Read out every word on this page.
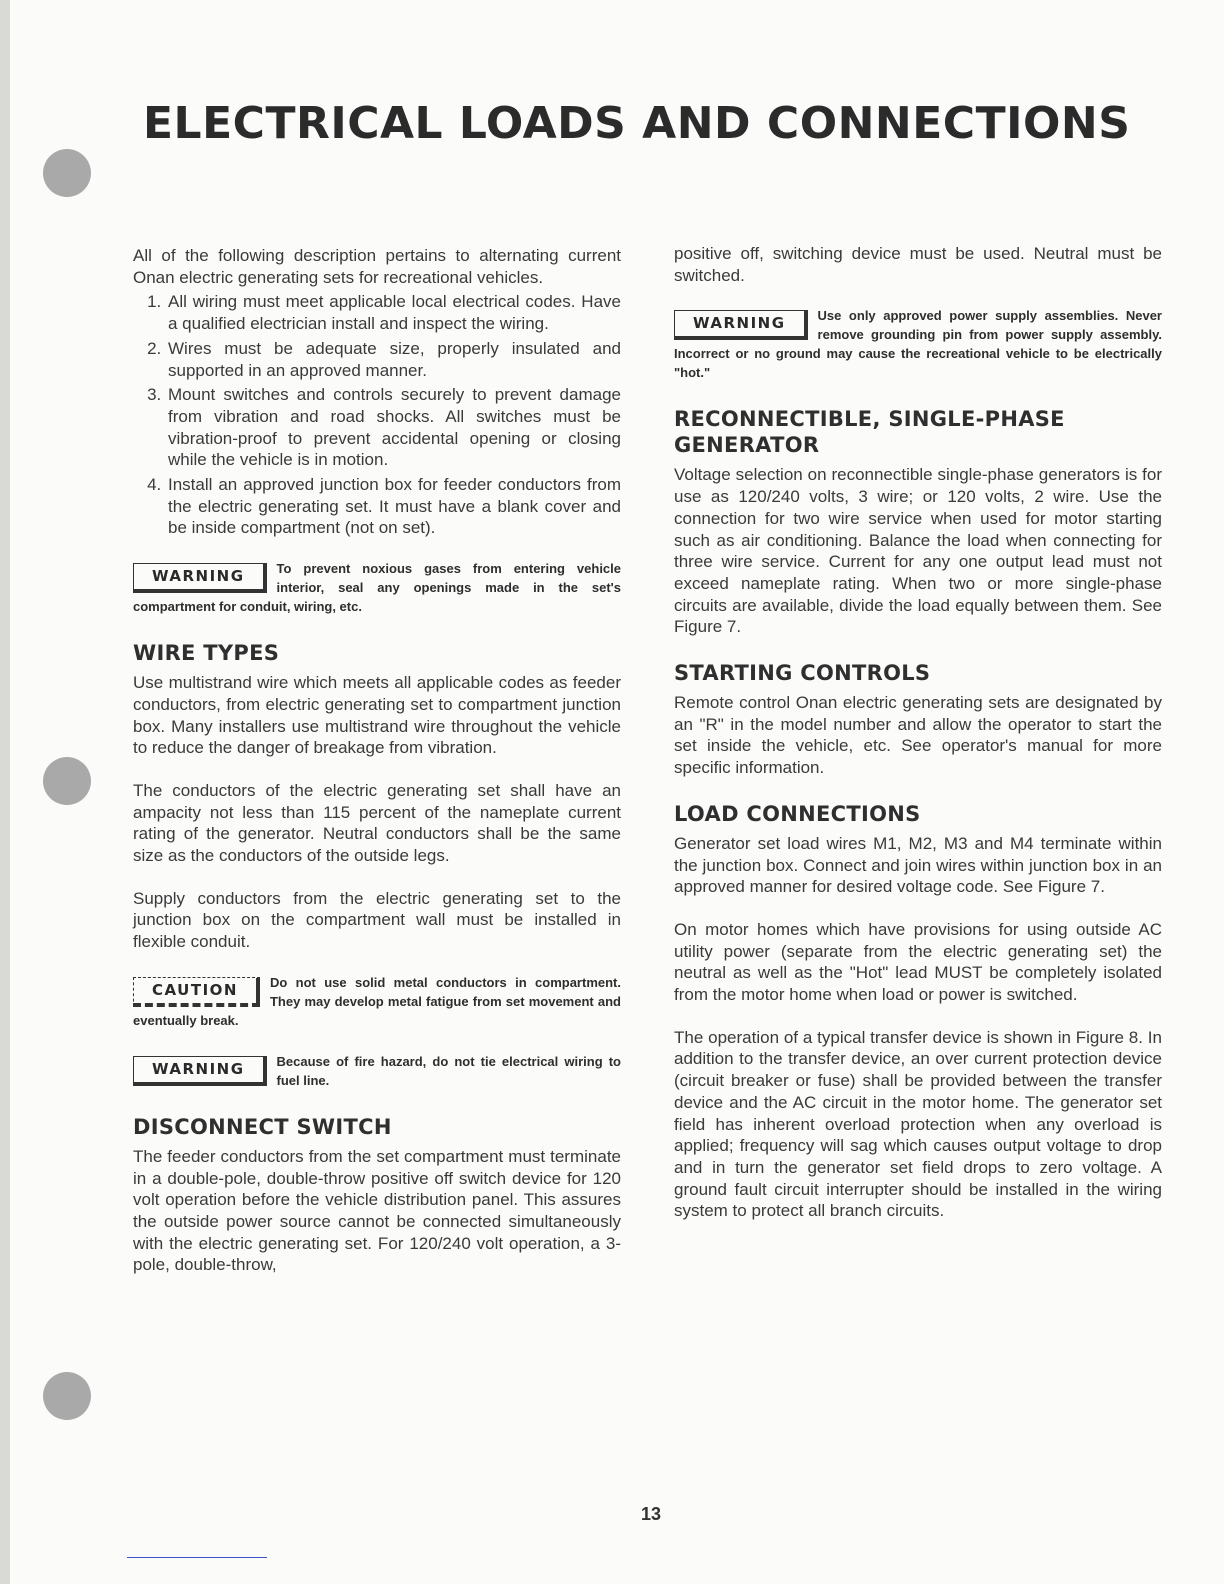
ELECTRICAL LOADS AND CONNECTIONS

All of the following description pertains to alternating current Onan electric generating sets for recreational vehicles.

1. All wiring must meet applicable local electrical codes. Have a qualified electrician install and inspect the wiring.
2. Wires must be adequate size, properly insulated and supported in an approved manner.
3. Mount switches and controls securely to prevent damage from vibration and road shocks. All switches must be vibration-proof to prevent accidental opening or closing while the vehicle is in motion.
4. Install an approved junction box for feeder conductors from the electric generating set. It must have a blank cover and be inside compartment (not on set).
WARNING	To prevent noxious gases from entering vehicle interior, seal any openings made in the set's compartment for conduit, wiring, etc.
WIRE TYPES

Use multistrand wire which meets all applicable codes as feeder conductors, from electric generating set to compartment junction box. Many installers use multistrand wire throughout the vehicle to reduce the danger of breakage from vibration.

The conductors of the electric generating set shall have an ampacity not less than 115 percent of the nameplate current rating of the generator. Neutral conductors shall be the same size as the conductors of the outside legs.

Supply conductors from the electric generating set to the junction box on the compartment wall must be installed in flexible conduit.

CAUTION	Do not use solid metal conductors in compartment. They may develop metal fatigue from set movement and eventually break.
WARNING	Because of fire hazard, do not tie electrical wiring to fuel line.
DISCONNECT SWITCH

The feeder conductors from the set compartment must terminate in a double-pole, double-throw positive off switch device for 120 volt operation before the vehicle distribution panel. This assures the outside power source cannot be connected simultaneously with the electric generating set. For 120/240 volt operation, a 3-pole, double-throw,

positive off, switching device must be used. Neutral must be switched.

WARNING	Use only approved power supply assemblies. Never remove grounding pin from power supply assembly. Incorrect or no ground may cause the recreational vehicle to be electrically "hot."
RECONNECTIBLE, SINGLE-PHASE GENERATOR

Voltage selection on reconnectible single-phase generators is for use as 120/240 volts, 3 wire; or 120 volts, 2 wire. Use the connection for two wire service when used for motor starting such as air conditioning. Balance the load when connecting for three wire service. Current for any one output lead must not exceed nameplate rating. When two or more single-phase circuits are available, divide the load equally between them. See Figure 7.

STARTING CONTROLS

Remote control Onan electric generating sets are designated by an "R" in the model number and allow the operator to start the set inside the vehicle, etc. See operator's manual for more specific information.

LOAD CONNECTIONS

Generator set load wires M1, M2, M3 and M4 terminate within the junction box. Connect and join wires within junction box in an approved manner for desired voltage code. See Figure 7.

On motor homes which have provisions for using outside AC utility power (separate from the electric generating set) the neutral as well as the "Hot" lead MUST be completely isolated from the motor home when load or power is switched.

The operation of a typical transfer device is shown in Figure 8. In addition to the transfer device, an over current protection device (circuit breaker or fuse) shall be provided between the transfer device and the AC circuit in the motor home. The generator set field has inherent overload protection when any overload is applied; frequency will sag which causes output voltage to drop and in turn the generator set field drops to zero voltage. A ground fault circuit interrupter should be installed in the wiring system to protect all branch circuits.

13
